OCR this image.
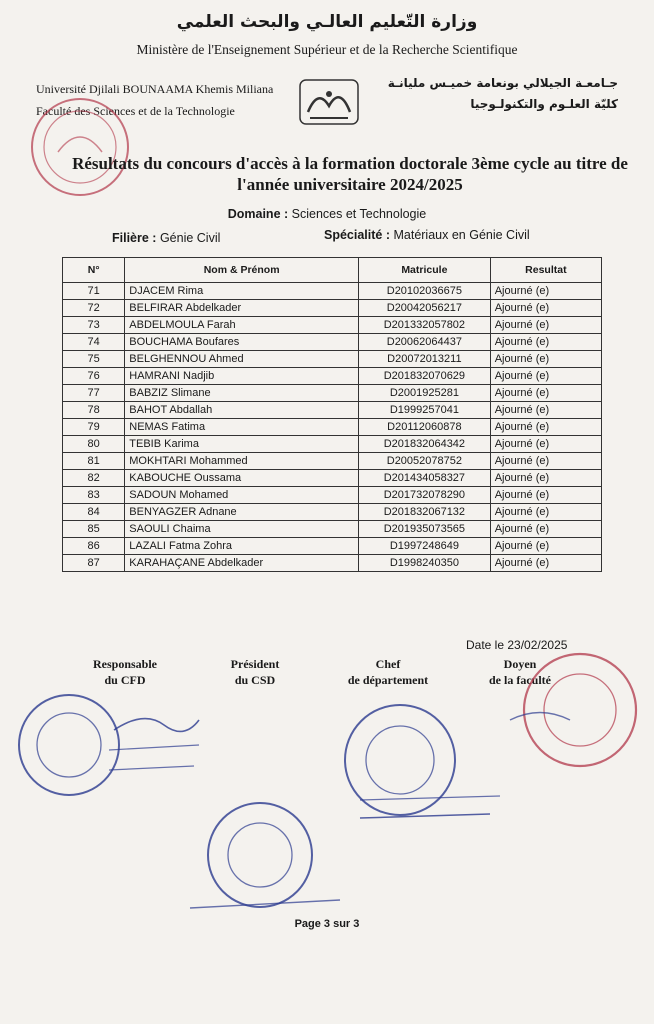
وزارة التّعليم العالـي والبحث العلمي
Ministère de l'Enseignement Supérieur et de la Recherche Scientifique
Université Djilali BOUNAAMA Khemis Miliana
Faculté des Sciences et de la Technologie
جـامعـة الجيلالي بونعامة خميـس مليانـة
كليّة العلـوم والتكنولـوجيا
Résultats du concours d'accès à la formation doctorale 3ème cycle au titre de l'année universitaire 2024/2025
Domaine : Sciences et Technologie
Filière : Génie Civil	Spécialité : Matériaux en Génie Civil
N°	Nom & Prénom	Matricule	Resultat
71	DJACEM Rima	D20102036675	Ajourné (e)
72	BELFIRAR Abdelkader	D20042056217	Ajourné (e)
73	ABDELMOULA Farah	D201332057802	Ajourné (e)
74	BOUCHAMA Boufares	D20062064437	Ajourné (e)
75	BELGHENNOU Ahmed	D20072013211	Ajourné (e)
76	HAMRANI Nadjib	D201832070629	Ajourné (e)
77	BABZIZ Slimane	D2001925281	Ajourné (e)
78	BAHOT Abdallah	D1999257041	Ajourné (e)
79	NEMAS Fatima	D20112060878	Ajourné (e)
80	TEBIB Karima	D201832064342	Ajourné (e)
81	MOKHTARI Mohammed	D20052078752	Ajourné (e)
82	KABOUCHE Oussama	D201434058327	Ajourné (e)
83	SADOUN Mohamed	D201732078290	Ajourné (e)
84	BENYAGZER Adnane	D201832067132	Ajourné (e)
85	SAOULI Chaima	D201935073565	Ajourné (e)
86	LAZALI Fatma Zohra	D1997248649	Ajourné (e)
87	KARAHAÇANE Abdelkader	D1998240350	Ajourné (e)
Date le 23/02/2025
Responsable
du CFD
Président
du CSD
Chef
de département
Doyen
de la faculté
Page 3 sur 3
